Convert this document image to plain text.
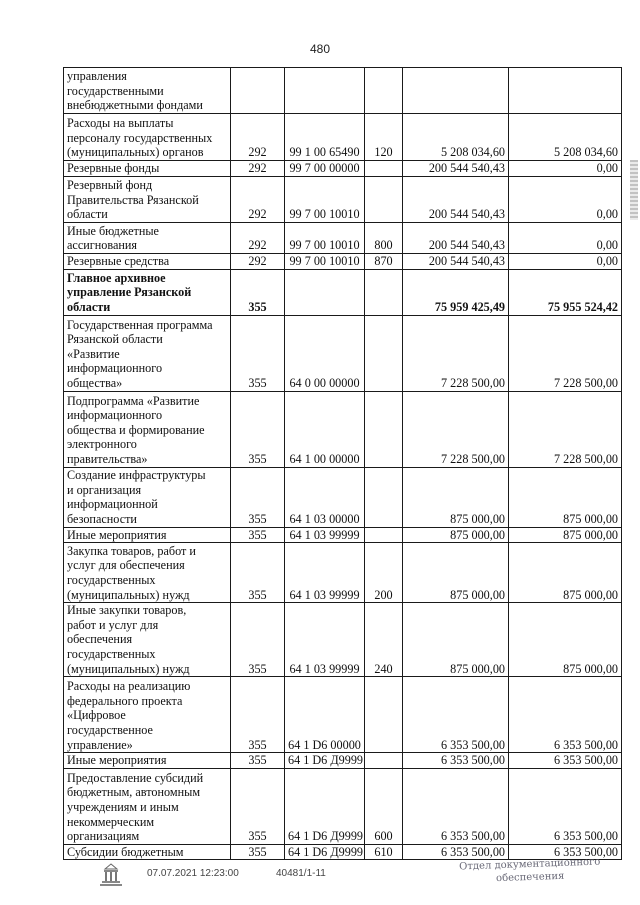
480
управления
государственными
внебюджетными фондами					
Расходы на выплаты
персоналу государственных
(муниципальных) органов	292	99 1 00 65490	120	5 208 034,60	5 208 034,60
Резервные фонды	292	99 7 00 00000		200 544 540,43	0,00
Резервный фонд
Правительства Рязанской
области	292	99 7 00 10010		200 544 540,43	0,00
Иные бюджетные
ассигнования	292	99 7 00 10010	800	200 544 540,43	0,00
Резервные средства	292	99 7 00 10010	870	200 544 540,43	0,00
Главное архивное
управление Рязанской
области	355			75 959 425,49	75 955 524,42
Государственная программа
Рязанской области
«Развитие
информационного
общества»	355	64 0 00 00000		7 228 500,00	7 228 500,00
Подпрограмма «Развитие
информационного
общества и формирование
электронного
правительства»	355	64 1 00 00000		7 228 500,00	7 228 500,00
Создание инфраструктуры
и организация
информационной
безопасности	355	64 1 03 00000		875 000,00	875 000,00
Иные мероприятия	355	64 1 03 99999		875 000,00	875 000,00
Закупка товаров, работ и
услуг для обеспечения
государственных
(муниципальных) нужд	355	64 1 03 99999	200	875 000,00	875 000,00
Иные закупки товаров,
работ и услуг для
обеспечения
государственных
(муниципальных) нужд	355	64 1 03 99999	240	875 000,00	875 000,00
Расходы на реализацию
федерального проекта
«Цифровое
государственное
управление»	355	64 1 D6 00000		6 353 500,00	6 353 500,00
Иные мероприятия	355	64 1 D6 Д9999		6 353 500,00	6 353 500,00
Предоставление субсидий
бюджетным, автономным
учреждениям и иным
некоммерческим
организациям	355	64 1 D6 Д9999	600	6 353 500,00	6 353 500,00
Субсидии бюджетным	355	64 1 D6 Д9999	610	6 353 500,00	6 353 500,00
07.07.2021 12:23:00	40481/1-11
Отдел документационного
обеспечения
